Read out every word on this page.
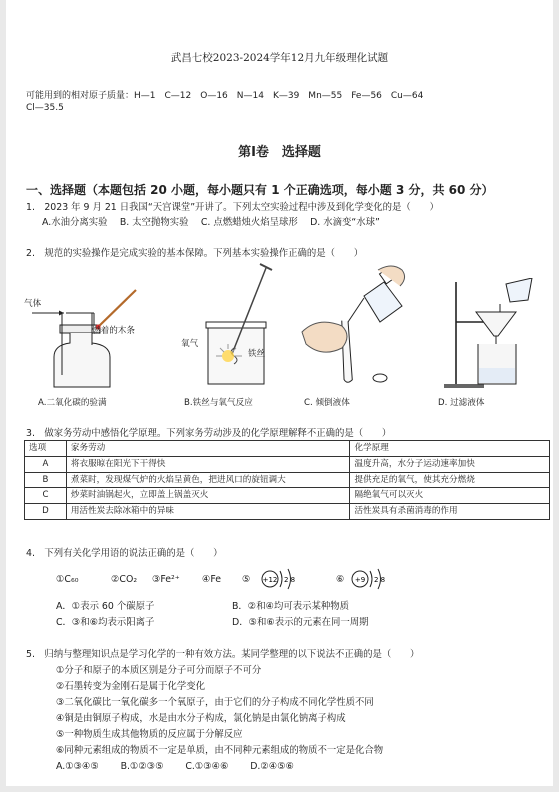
武昌七校2023-2024学年12月九年级理化试题
可能用到的相对原子质量：H—1　C—12　O—16　N—14　K—39　Mn—55　Fe—56　Cu—64
Cl—35.5
第Ⅰ卷　选择题
一、选择题（本题包括 20 小题，每小题只有 1 个正确选项，每小题 3 分，共 60 分）
1.　2023 年 9 月 21 日我国“天宫课堂”开讲了。下列太空实验过程中涉及到化学变化的是（　　）
A.水油分离实验　 B. 太空抛物实验　 C. 点燃蜡烛火焰呈球形　 D. 水滴变“水球”
2.　规范的实验操作是完成实验的基本保障。下列基本实验操作正确的是（　　）
气体
燃着的木条
氧气
铁丝
A.二氧化碳的验满	B.铁丝与氧气反应	C. 倾倒液体	D. 过滤液体
3.　做家务劳动中感悟化学原理。下列家务劳动涉及的化学原理解释不正确的是（　　）
选项	家务劳动	化学原理
A	将衣服晾在阳光下干得快	温度升高，水分子运动速率加快
B	煮菜时，发现煤气炉的火焰呈黄色，把进风口的旋钮调大	提供充足的氧气，使其充分燃烧
C	炒菜时油锅起火，立即盖上锅盖灭火	隔绝氧气可以灭火
D	用活性炭去除冰箱中的异味	活性炭具有杀菌消毒的作用
4.　下列有关化学用语的说法正确的是（　　）
①C₆₀	②CO₂ ③Fe²⁺ ④Fe ⑤ +12 2 8	⑥ +9 2 8
A．①表示 60 个碳原子	B．②和④均可表示某种物质
C．③和⑥均表示阳离子	D．⑤和⑥表示的元素在同一周期
5.　归纳与整理知识点是学习化学的一种有效方法。某同学整理的以下说法不正确的是（　　）
①分子和原子的本质区别是分子可分而原子不可分
②石墨转变为金刚石是属于化学变化
③二氧化碳比一氧化碳多一个氧原子，由于它们的分子构成不同化学性质不同
④铜是由铜原子构成，水是由水分子构成，氯化钠是由氯化钠离子构成
⑤一种物质生成其他物质的反应属于分解反应
⑥同种元素组成的物质不一定是单质，由不同种元素组成的物质不一定是化合物
A.①③④⑤　　 B.①②③⑤　　 C.①③④⑥　　 D.②④⑤⑥
